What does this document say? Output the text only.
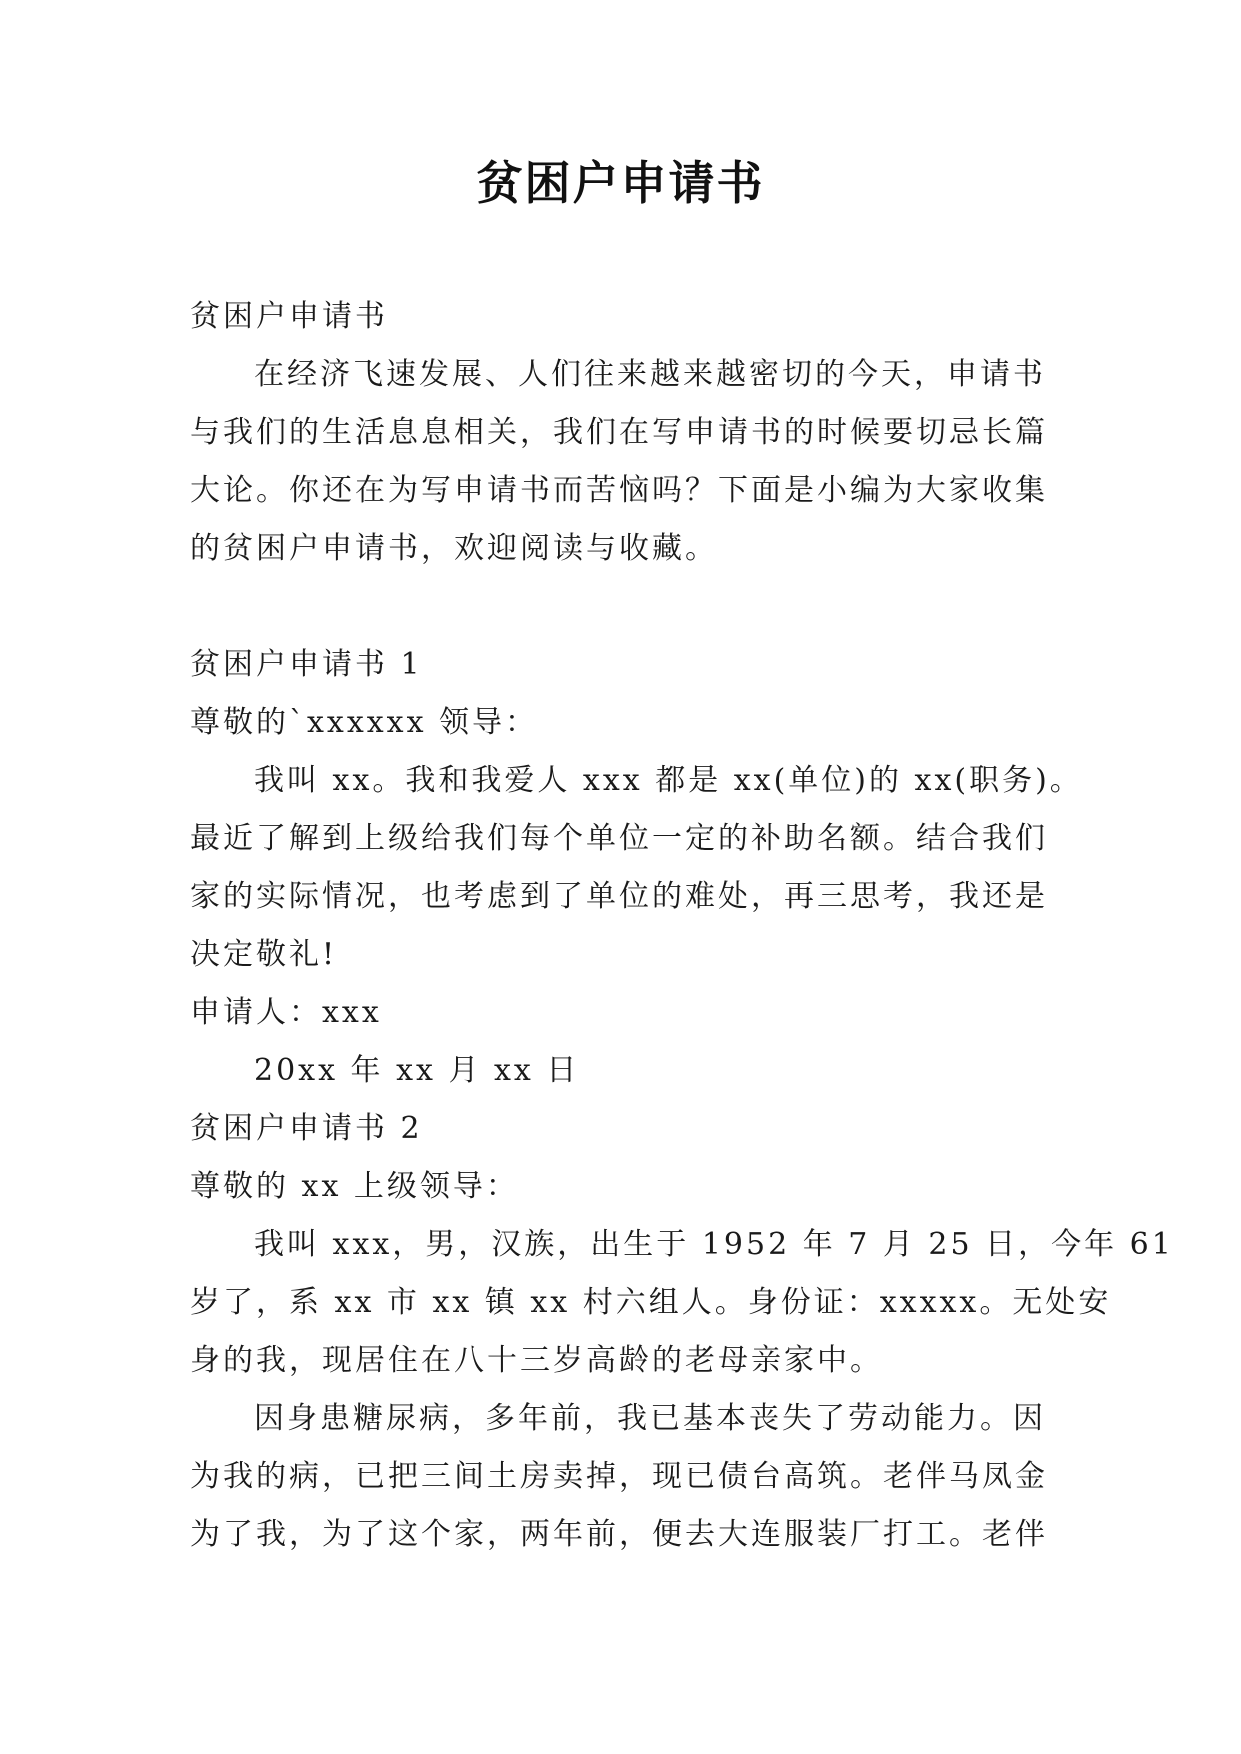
贫困户申请书

贫困户申请书

在经济飞速发展、人们往来越来越密切的今天，申请书

与我们的生活息息相关，我们在写申请书的时候要切忌长篇

大论。你还在为写申请书而苦恼吗？下面是小编为大家收集

的贫困户申请书，欢迎阅读与收藏。

贫困户申请书 1

尊敬的`xxxxxx 领导：

我叫 xx。我和我爱人 xxx 都是 xx(单位)的 xx(职务)。

最近了解到上级给我们每个单位一定的补助名额。结合我们

家的实际情况，也考虑到了单位的难处，再三思考，我还是

决定敬礼!

申请人：xxx

20xx 年 xx 月 xx 日

贫困户申请书 2

尊敬的 xx 上级领导：

我叫 xxx，男，汉族，出生于 1952 年 7 月 25 日，今年 61

岁了，系 xx 市 xx 镇 xx 村六组人。身份证：xxxxx。无处安

身的我，现居住在八十三岁高龄的老母亲家中。

因身患糖尿病，多年前，我已基本丧失了劳动能力。因

为我的病，已把三间土房卖掉，现已债台高筑。老伴马凤金

为了我，为了这个家，两年前，便去大连服装厂打工。老伴
